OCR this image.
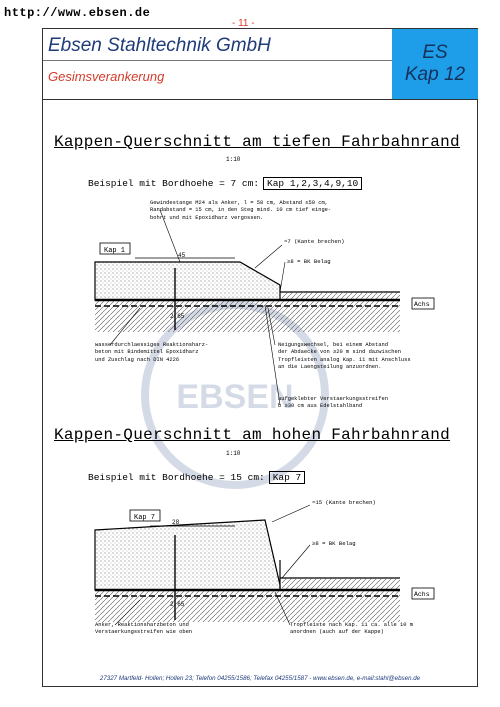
http://www.ebsen.de
- 11 -
Ebsen Stahltechnik GmbH
Gesimsverankerung
ES
Kap 12
27327 Martfeld- Hollen; Hollen 23; Telefon 04255/1586; Telefax 04255/1587 - www.ebsen.de, e-mail:stahl@ebsen.de
EBSEN
Kap 1
45
2,65
Achs
≈7 (Kante brechen)
≥8 = BK Belag
Kap 7
28
2,65
Achs
≈15 (Kante brechen)
≥8 = BK Belag
Kappen-Querschnitt am tiefen Fahrbahnrand
1:10
Beispiel mit Bordhoehe = 7 cm: Kap 1,2,3,4,9,10
Gewindestange M24 als Anker, l = 58 cm, Abstand ≤50 cm,
Randabstand = 15 cm, in den Steg mind. 10 cm tief einge-
bohrt und mit Epoxidharz vergossen.
wasserdurchlaessiges Reaktionsharz-
beton mit Bindemittel Epoxidharz
und Zuschlag nach DIN 4226
Neigungswechsel, bei einem Abstand
der Abdaecke von ≥20 m sind dazwischen
Tropfleisten analog Kap. 11 mit Anschluss
an die Laengsteilung anzuordnen.
aufgeklebter Verstaerkungsstreifen
b ≥30 cm aus Edelstahlband
Kappen-Querschnitt am hohen Fahrbahnrand
1:10
Beispiel mit Bordhoehe = 15 cm: Kap 7
Anker, Reaktionsharzbeton und
Verstaerkungsstreifen wie oben
Tropfleiste nach Kap. 11 ca. alle 10 m
anordnen (auch auf der Kappe)
